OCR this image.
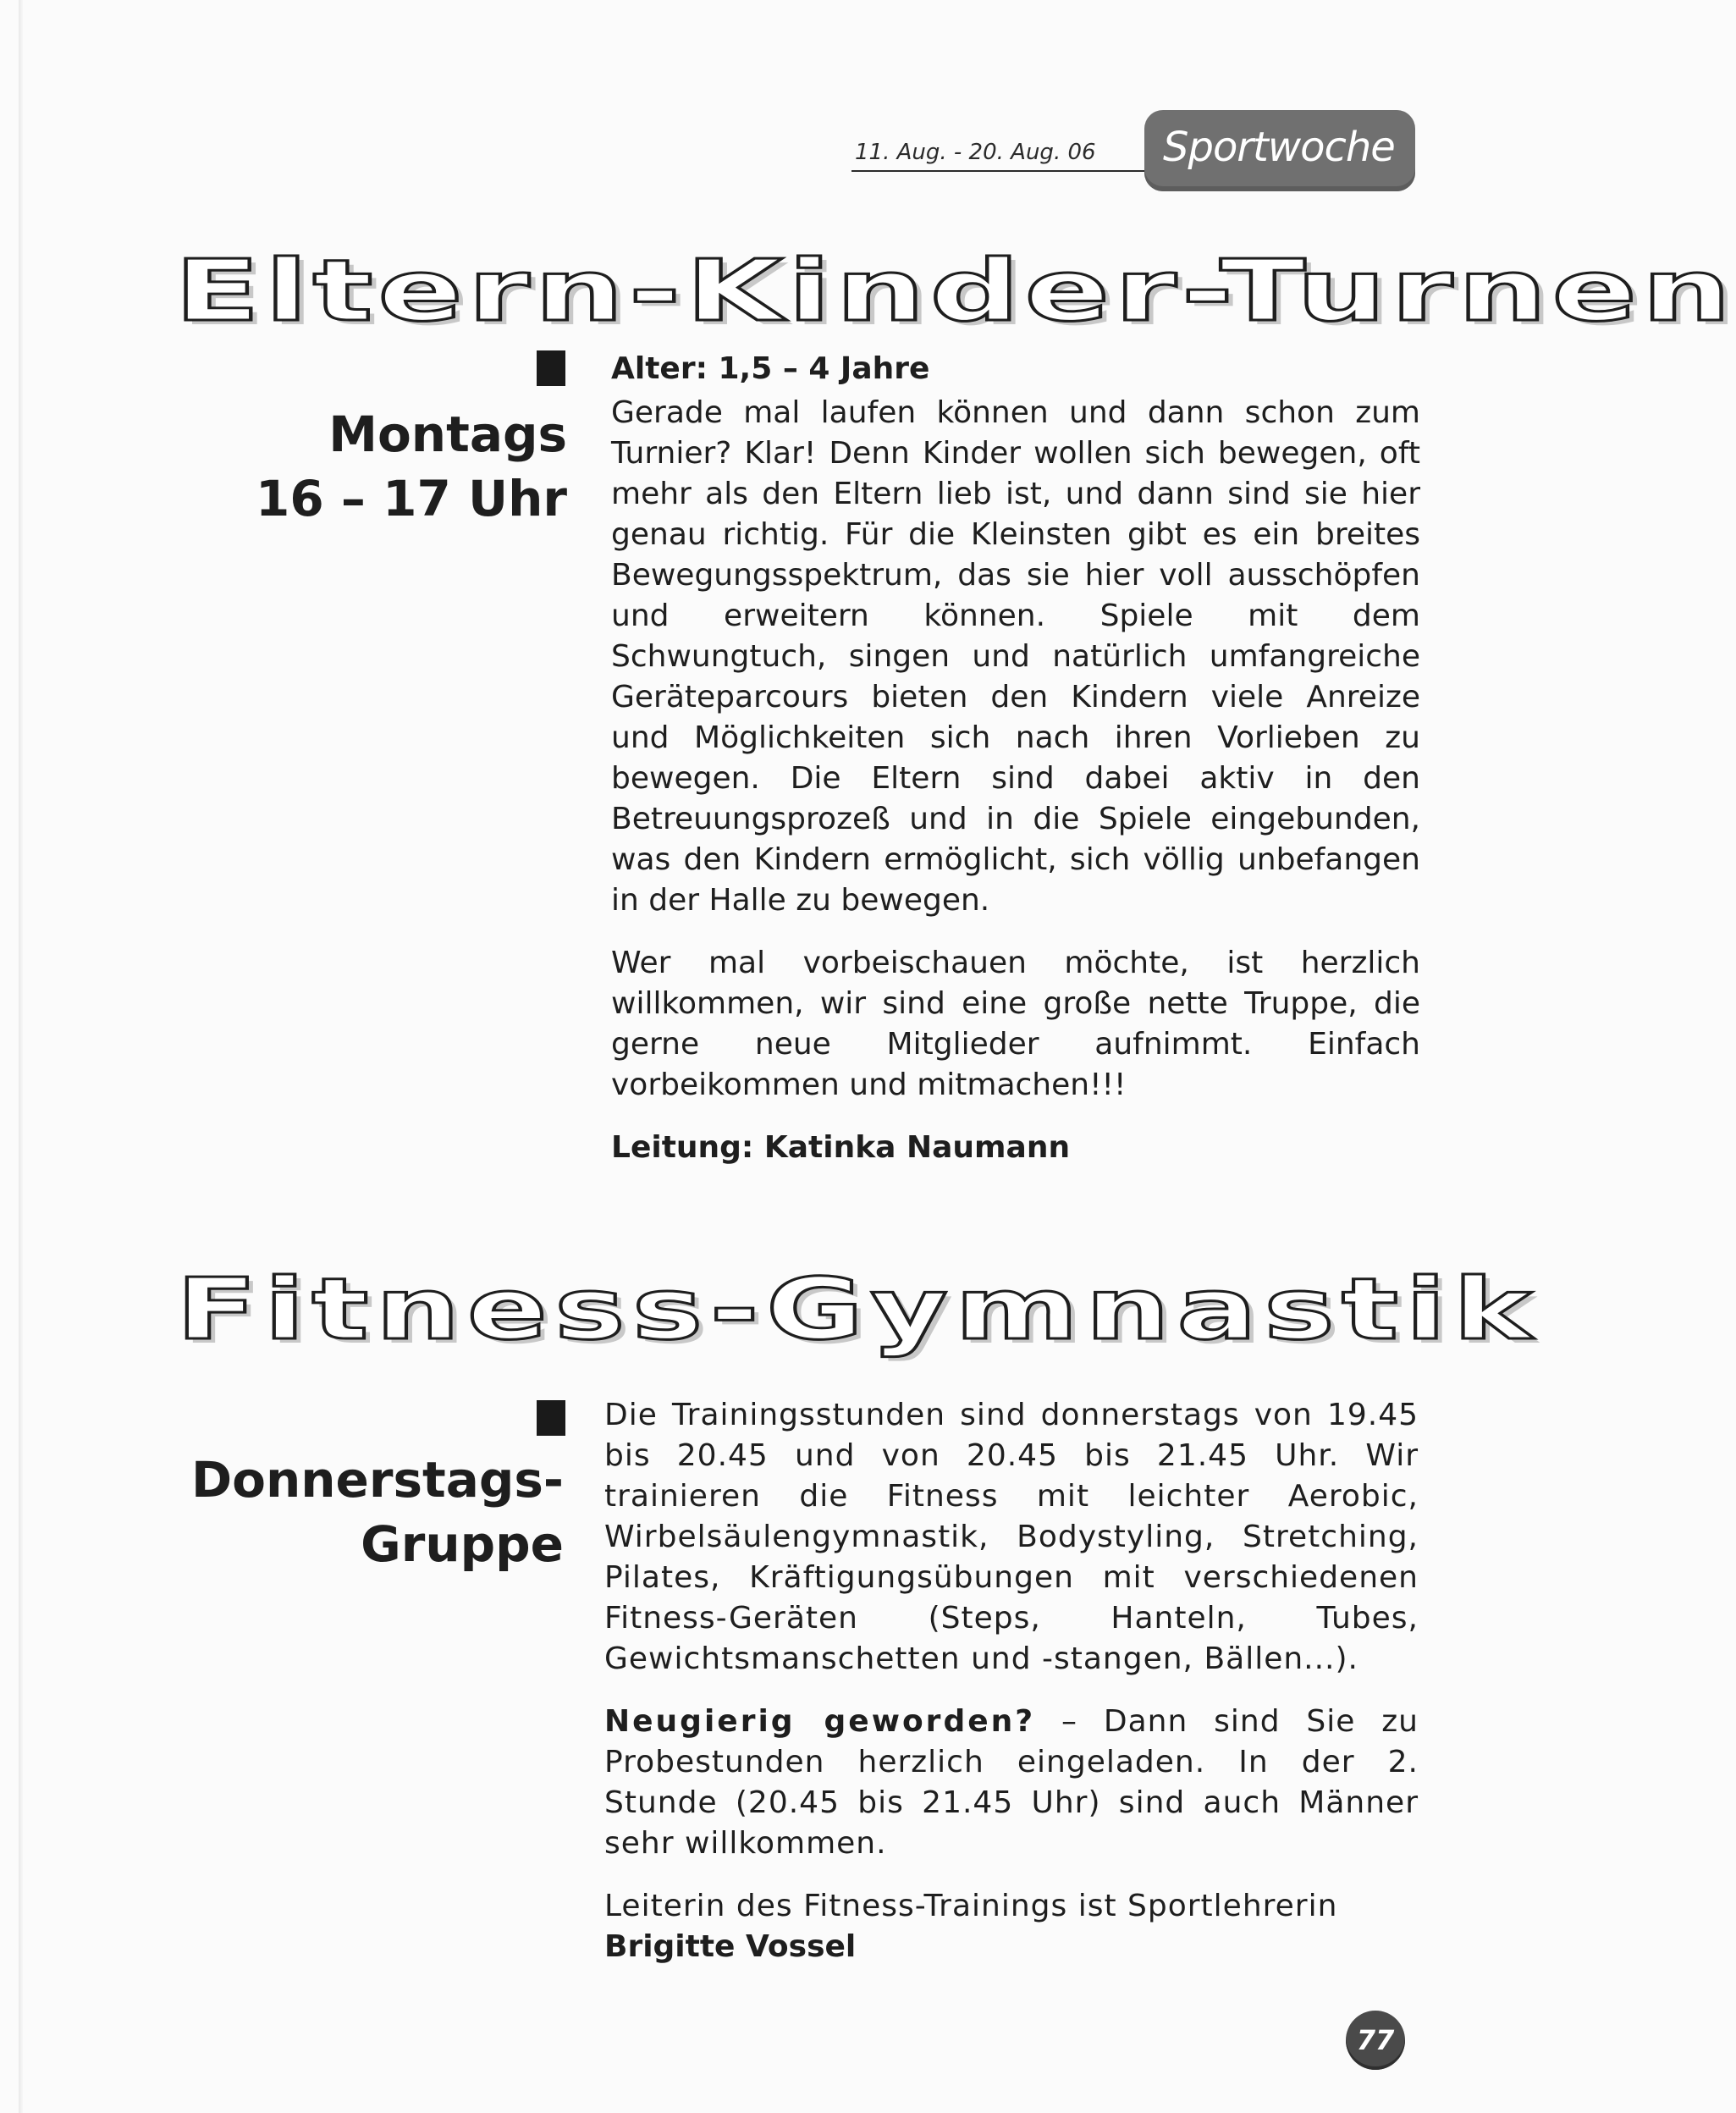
11. Aug. - 20. Aug. 06 Sportwoche
Eltern-Kinder-Turnen
Montags
16 – 17 Uhr
Alter: 1,5 – 4 Jahre

Gerade mal laufen können und dann schon zum Turnier? Klar! Denn Kinder wollen sich bewegen, oft mehr als den Eltern lieb ist, und dann sind sie hier genau richtig. Für die Kleinsten gibt es ein breites Bewegungsspektrum, das sie hier voll ausschöpfen und erweitern können. Spiele mit dem Schwungtuch, singen und natürlich umfangreiche Geräteparcours bieten den Kindern viele Anreize und Möglichkeiten sich nach ihren Vorlieben zu bewegen. Die Eltern sind dabei aktiv in den Betreuungsprozeß und in die Spiele eingebunden, was den Kindern ermöglicht, sich völlig unbefangen in der Halle zu bewegen.

Wer mal vorbeischauen möchte, ist herzlich willkommen, wir sind eine große nette Truppe, die gerne neue Mitglieder aufnimmt. Einfach vorbeikommen und mitmachen!!!

Leitung: Katinka Naumann

Fitness-Gymnastik
Donnerstags-
Gruppe

Die Trainingsstunden sind donnerstags von 19.45 bis 20.45 und von 20.45 bis 21.45 Uhr. Wir trainieren die Fitness mit leichter Aerobic, Wirbelsäulengymnastik, Bodystyling, Stretching, Pilates, Kräftigungsübungen mit verschiedenen Fitness-Geräten (Steps, Hanteln, Tubes, Gewichtsmanschetten und -stangen, Bällen...).

Neugierig geworden? – Dann sind Sie zu Probestunden herzlich eingeladen. In der 2. Stunde (20.45 bis 21.45 Uhr) sind auch Männer sehr willkommen.

Leiterin des Fitness-Trainings ist Sportlehrerin
Brigitte Vossel

77
